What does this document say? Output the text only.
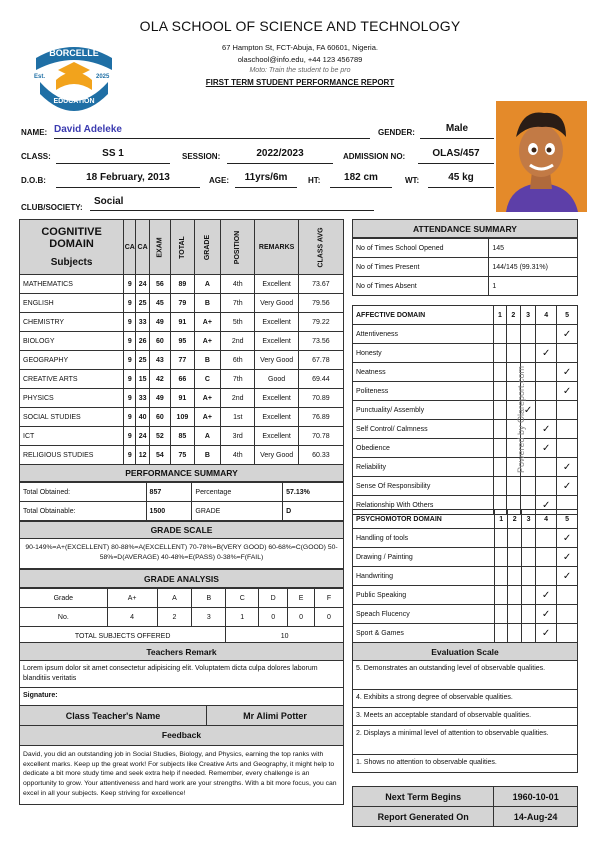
BORCELLE
Est.	2025
EDUCATION
OLA SCHOOL OF SCIENCE AND TECHNOLOGY
67 Hampton St, FCT-Abuja, FA 60601, Nigeria.
olaschool@info.edu, +44 123 456789
Moto: Train the student to be pro
FIRST TERM STUDENT PERFORMANCE REPORT
NAME: David Adeleke	GENDER:	Male
CLASS:	SS 1	SESSION:	2022/2023	ADMISSION NO:	OLAS/457
D.O.B:	18 February, 2013	AGE:	11yrs/6m	HT:	182 cm	WT:	45 kg
CLUB/SOCIETY:
Social
COGNITIVE DOMAIN
Subjects	CA	CA	EXAM	TOTAL	GRADE	POSITION	REMARKS	CLASS AVG

MATHEMATICS	9	24	56	89	A	4th	Excellent	73.67
ENGLISH	9	25	45	79	B	7th	Very Good	79.56
CHEMISTRY	9	33	49	91	A+	5th	Excellent	79.22
BIOLOGY	9	26	60	95	A+	2nd	Excellent	73.56
GEOGRAPHY	9	25	43	77	B	6th	Very Good	67.78
CREATIVE ARTS	9	15	42	66	C	7th	Good	69.44
PHYSICS	9	33	49	91	A+	2nd	Excellent	70.89
SOCIAL STUDIES	9	40	60	109	A+	1st	Excellent	76.89
ICT	9	24	52	85	A	3rd	Excellent	70.78
RELIGIOUS STUDIES	9	12	54	75	B	4th	Very Good	60.33
PERFORMANCE SUMMARY
Total Obtained:	857	Percentage	57.13%
Total Obtainable:	1500	GRADE	D
GRADE SCALE
90-149%=A+(EXCELLENT) 80-88%=A(EXCELLENT) 70-78%=B(VERY GOOD) 60-68%=C(GOOD) 50-58%=D(AVERAGE) 40-48%=E(PASS) 0-38%=F(FAIL)
GRADE ANALYSIS
Grade	A+	A	B	C	D	E	F
No.	4	2	3	1	0	0	0
TOTAL SUBJECTS OFFERED				10			
Teachers Remark
Lorem ipsum dolor sit amet consectetur adipisicing elit. Voluptatem dicta culpa dolores laborum blanditiis veritatis
Signature:
Class Teacher's Name	Mr Alimi Potter
Feedback
David, you did an outstanding job in Social Studies, Biology, and Physics, earning the top ranks with excellent marks. Keep up the great work! For subjects like Creative Arts and Geography, it might help to dedicate a bit more study time and seek extra help if needed. Remember, every challenge is an opportunity to grow. Your attentiveness and hard work are your strengths. With a bit more focus, you can excel in all your subjects. Keep striving for excellence!
ATTENDANCE SUMMARY
No of Times School Opened	145
No of Times Present	144/145 (99.31%)
No of Times Absent	1
AFFECTIVE DOMAIN	1	2	3	4	5
Attentiveness					✓
Honesty				✓	
Neatness					✓
Politeness					✓
Punctuality/ Assembly			✓		
Self Control/ Calmness				✓	
Obedience				✓	
Reliability					✓
Sense Of Responsibility					✓
Relationship With Others				✓	
PSYCHOMOTOR DOMAIN	1	2	3	4	5
Handling of tools					✓
Drawing / Painting					✓
Handwriting					✓
Public Speaking				✓	
Speach Flucency				✓	
Sport & Games				✓	
Evaluation Scale
5. Demonstrates an outstanding level of observable qualities.
4. Exhibits a strong degree of observable qualities.
3. Meets an acceptable standard of observable qualities.
2. Displays a minimal level of attention to observable qualities.
1. Shows no attention to observable qualities.
Next Term Begins	1960-10-01
Report Generated On	14-Aug-24
Powered by Olareport.com
